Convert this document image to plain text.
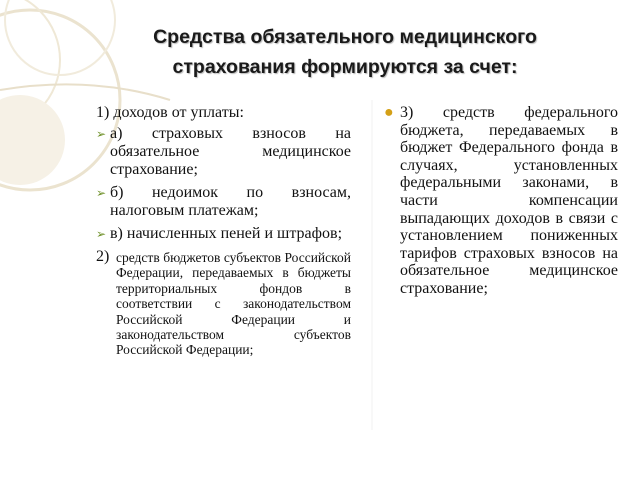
Средства обязательного медицинского страхования формируются за счет:
1) доходов от уплаты:
➢ а) страховых взносов на обязательное медицинское страхование;
➢ б) недоимок по взносам, налоговым платежам;
➢ в) начисленных пеней и штрафов;
2) средств бюджетов субъектов Российской Федерации, передаваемых в бюджеты территориальных фондов в соответствии с законодательством Российской Федерации и законодательством субъектов Российской Федерации;
● 3) средств федерального бюджета, передаваемых в бюджет Федерального фонда в случаях, установленных федеральными законами, в части компенсации выпадающих доходов в связи с установлением пониженных тарифов страховых взносов на обязательное медицинское страхование;
